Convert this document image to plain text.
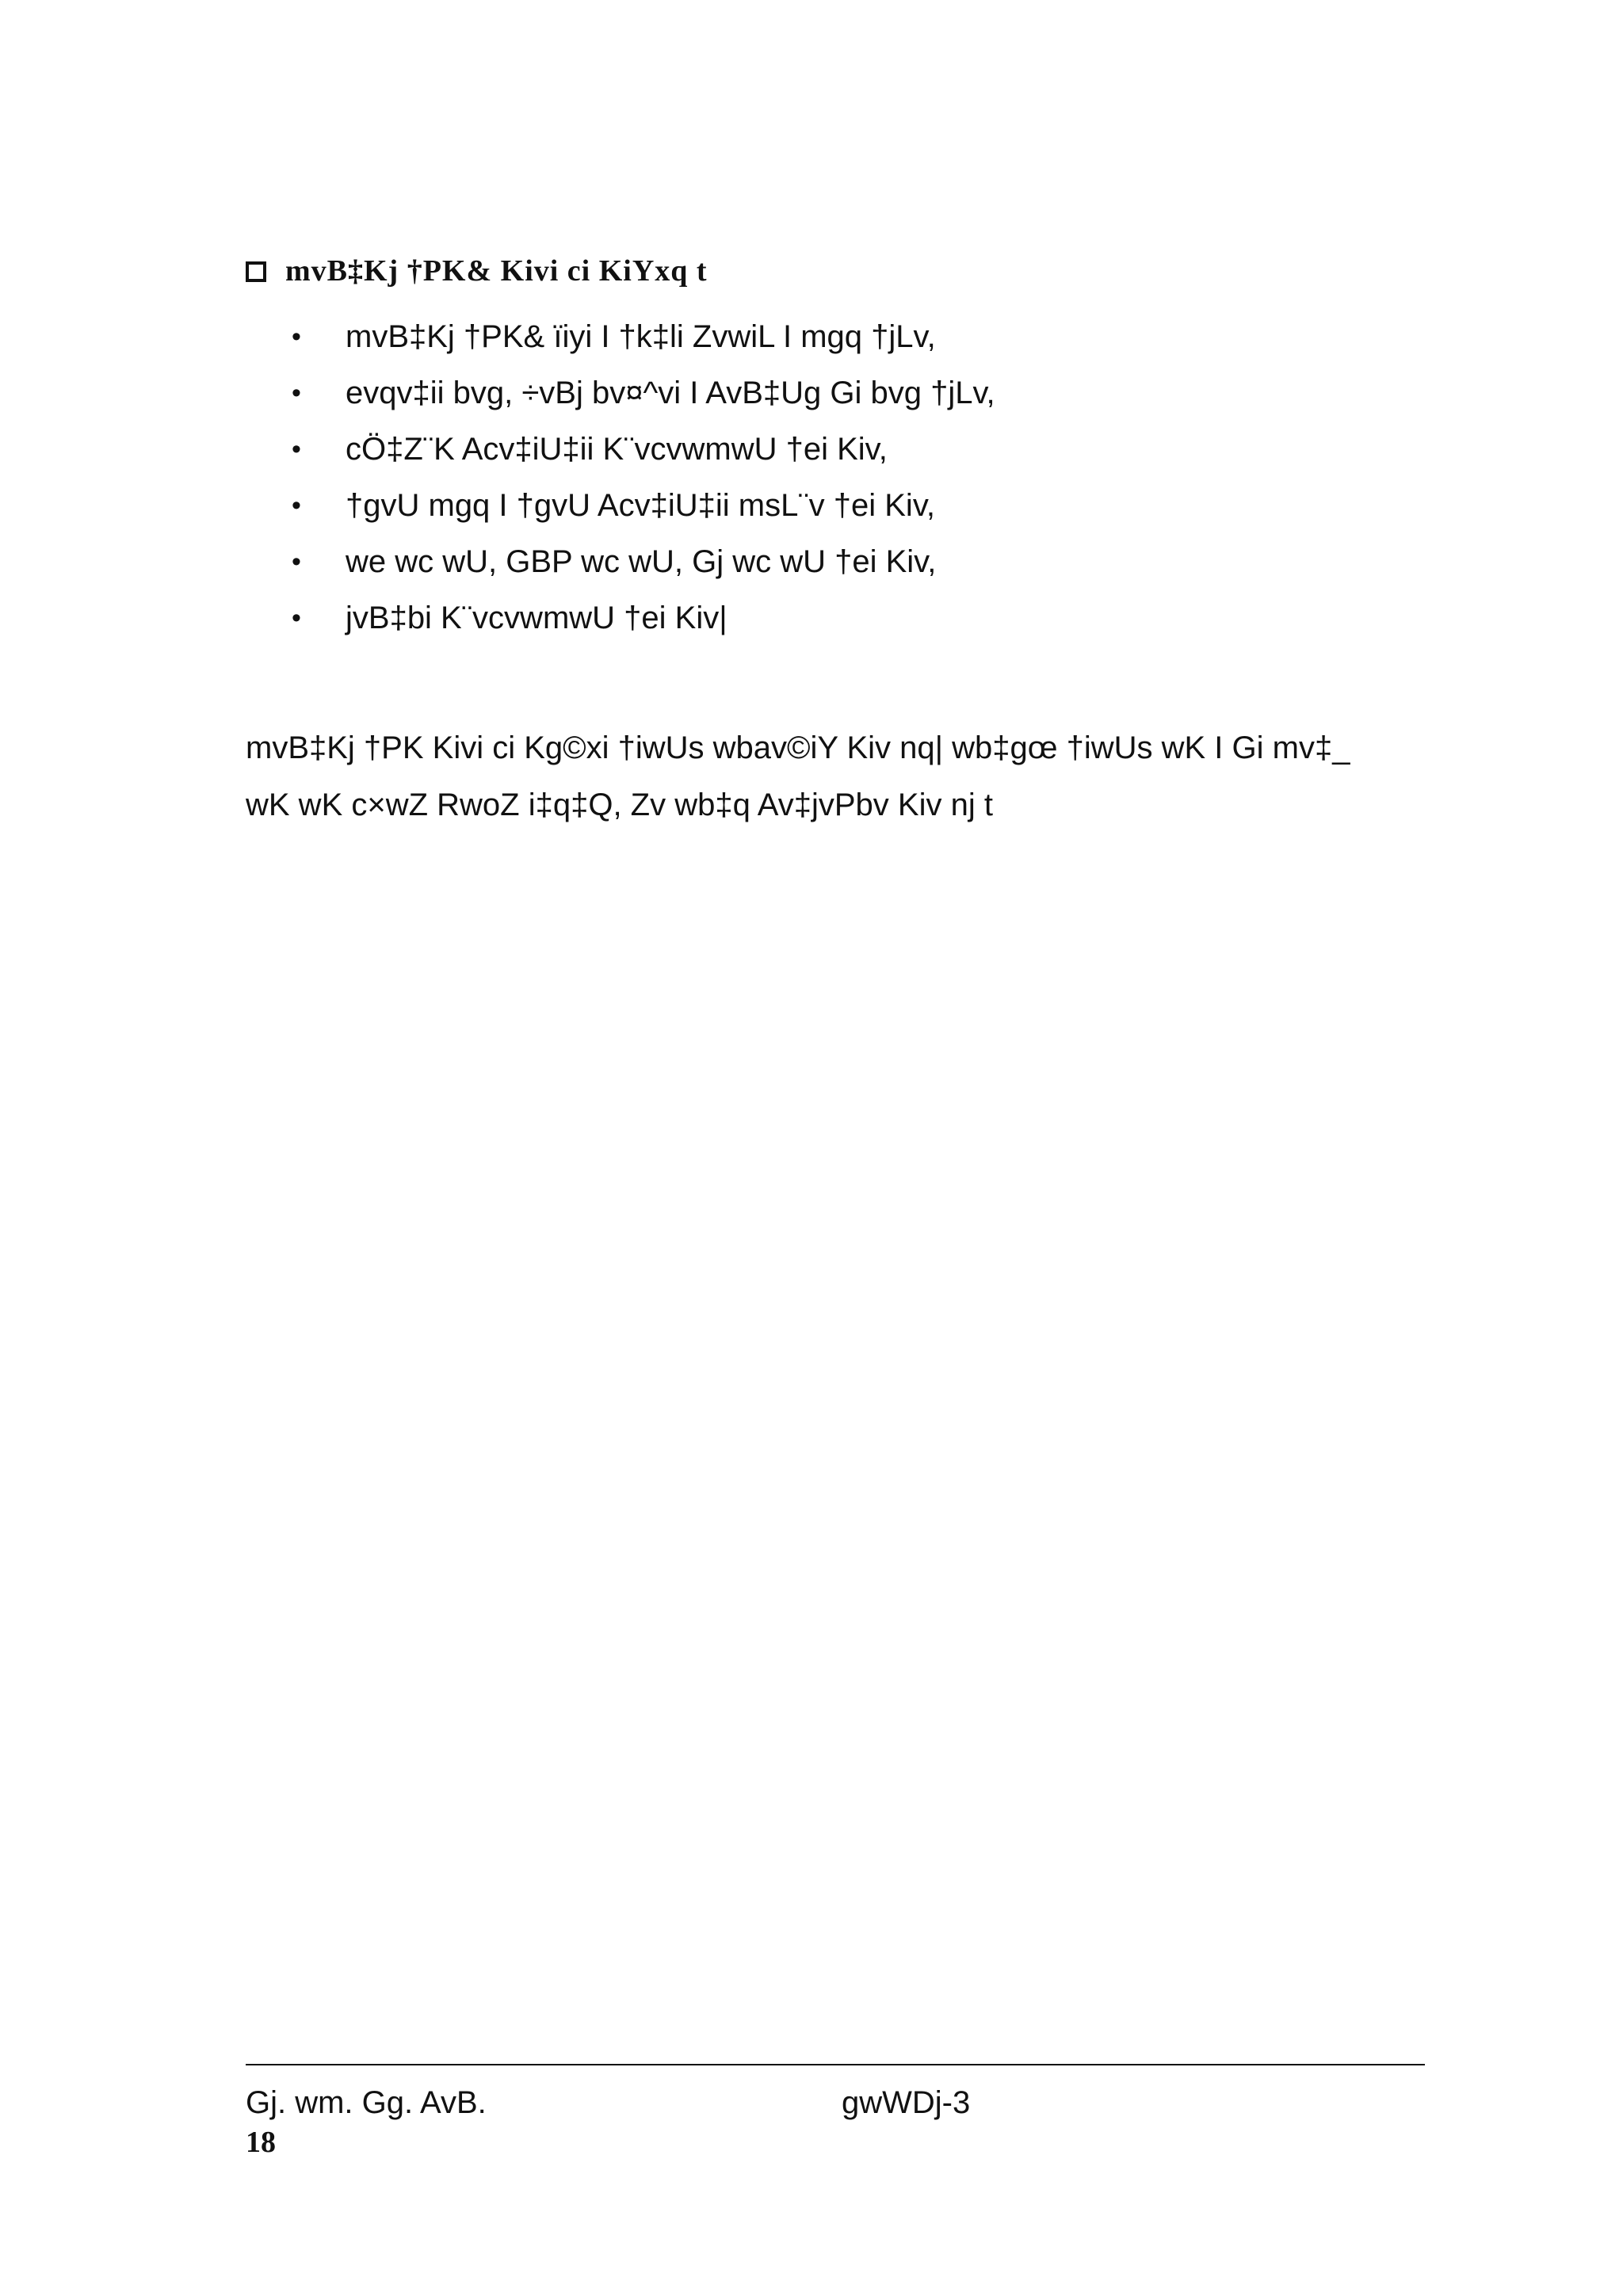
mvB‡Kj †PK& Kivi ci KiYxq t
• mvB‡Kj †PK& ïiyi I †k‡li ZvwiL I mgq †jLv,
• evqv‡ii bvg, ÷vBj bv¤^vi I AvB‡Ug Gi bvg †jLv,
• cÖ‡Z¨K Acv‡iU‡ii K¨vcvwmwU †ei Kiv,
• †gvU mgq I †gvU Acv‡iU‡ii msL¨v †ei Kiv,
• we wc wU, GBP wc wU, Gj wc wU †ei Kiv,
• jvB‡bi K¨vcvwmwU †ei Kiv|

mvB‡Kj †PK Kivi ci Kg©xi †iwUs wbav©iY Kiv nq| wb‡gœ †iwUs wK I Gi mv‡_
wK wK c×wZ RwoZ i‡q‡Q, Zv wb‡q Av‡jvPbv Kiv nj t

Gj. wm. Gg. AvB.	gwWDj-3
18
